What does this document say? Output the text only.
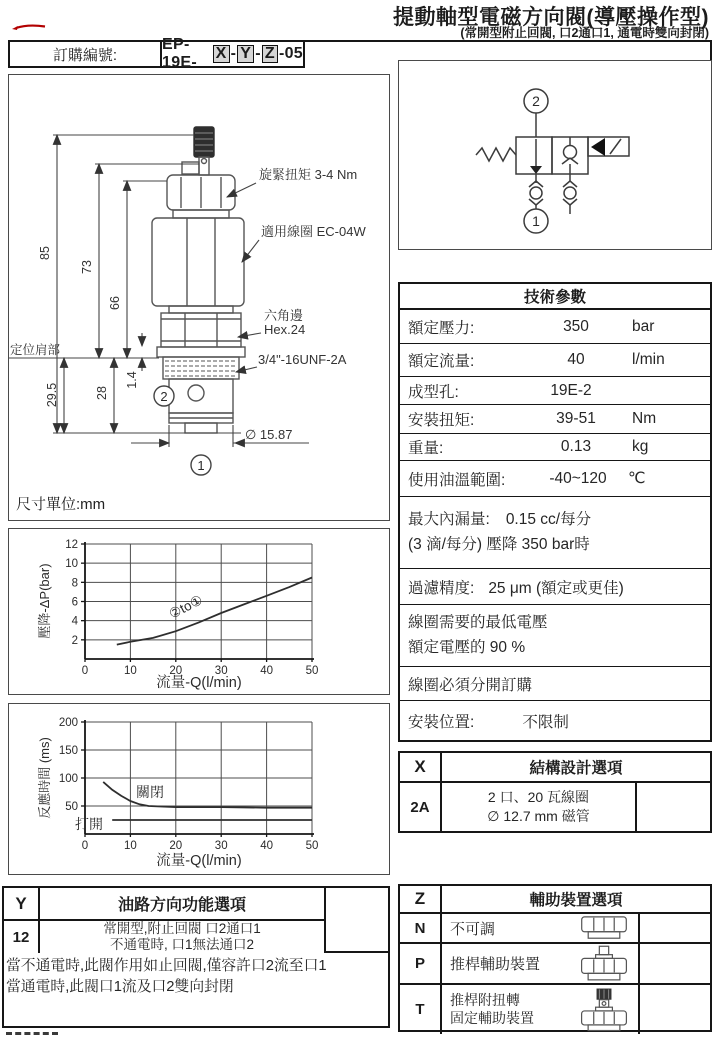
提動軸型電磁方向閥(導壓操作型)
(常開型附止回閥, 口2通口1, 通電時雙向封閉)
訂購編號:
EP-19E-
X - Y - Z -05
85
73
66
29.5	28
1.4
定位肩部
∅ 15.87
旋緊扭矩 3-4 Nm
適用線圈 EC-04W
六角邊
Hex.24
3/4"-16UNF-2A
2
1
尺寸單位:mm
2
1
技術參數
額定壓力:	350	bar
額定流量:	40	l/min
成型孔:	19E-2
安裝扭矩:	39-51	Nm
重量:	0.13	kg
使用油溫範圍:	-40~120	℃
最大內漏量: 0.15 cc/每分
(3 滴/每分) 壓降 350 bar時
過濾精度: 25 μm (額定或更佳)
線圈需要的最低電壓
額定電壓的 90 %
線圈必須分開訂購
安裝位置:	不限制
0	10	20	30	40	50
2
4
6
8
10
12
壓降-ΔP(bar)
流量-Q(l/min)
②to①
0	10	20	30	40	50
50
100
150
200
反應時間 (ms)
流量-Q(l/min)
關閉
打開
X	結構設計選項
2A
2 口、20 瓦線圈
∅ 12.7 mm 磁管
Y	油路方向功能選項
12	常開型,附止回閥 口2通口1
不通電時, 口1無法通口2
當不通電時,此閥作用如止回閥,僅容許口2流至口1
當通電時,此閥口1流及口2雙向封閉
Z	輔助裝置選項
N	不可調
P	推桿輔助裝置
T
推桿附扭轉
固定輔助裝置
